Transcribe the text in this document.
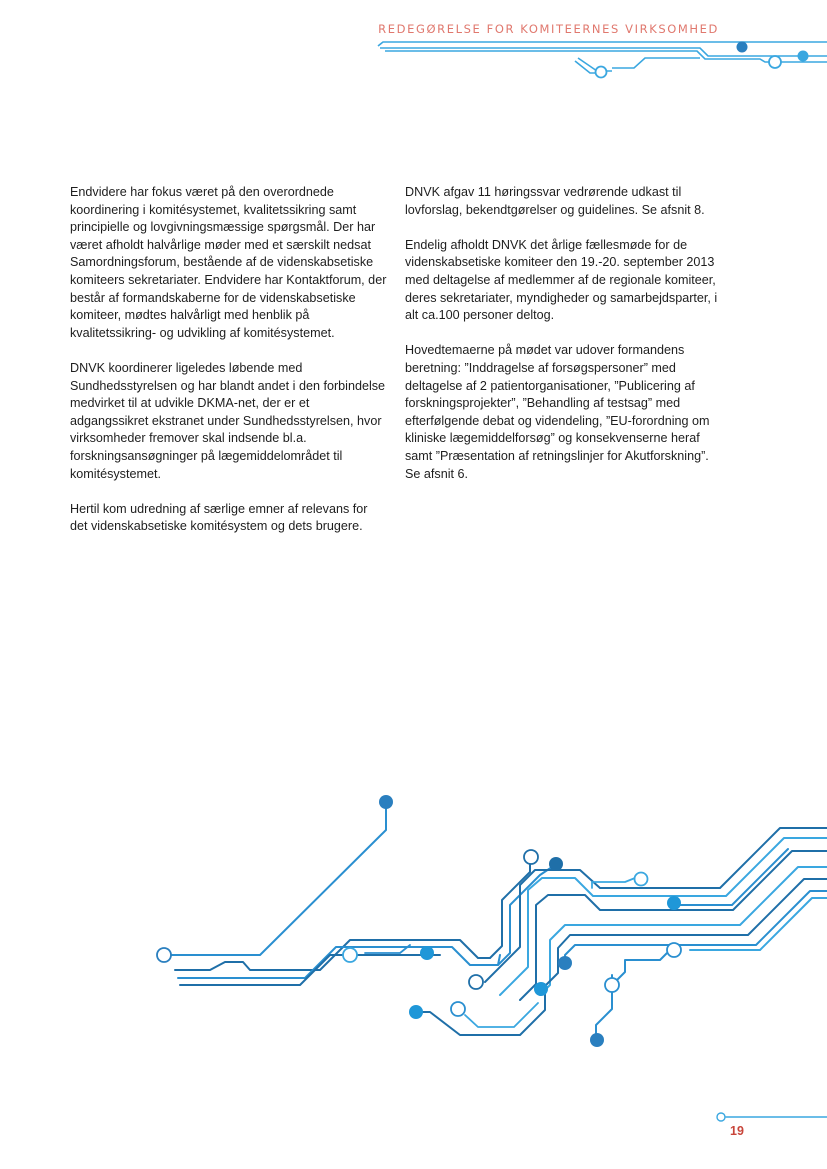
REDEGØRELSE FOR KOMITEERNES VIRKSOMHED

Endvidere har fokus været på den overordnede koordinering i komitésystemet, kvalitetssikring samt principielle og lovgivningsmæssige spørgsmål. Der har været afholdt halvårlige møder med et særskilt nedsat Samordningsforum, bestående af de videnskabsetiske komiteers sekretariater. Endvidere har Kontaktforum, der består af formandskaberne for de videnskabsetiske komiteer, mødtes halvårligt med henblik på kvalitetssikring- og udvikling af komitésystemet.

DNVK koordinerer ligeledes løbende med Sundhedsstyrelsen og har blandt andet i den forbindelse medvirket til at udvikle DKMA-net, der er et adgangssikret ekstranet under Sundhedsstyrelsen, hvor virksomheder fremover skal indsende bl.a. forskningsansøgninger på lægemiddelområdet til komitésystemet.

Hertil kom udredning af særlige emner af relevans for det videnskabsetiske komitésystem og dets brugere.

DNVK afgav 11 høringssvar vedrørende udkast til lovforslag, bekendtgørelser og guidelines. Se afsnit 8.

Endelig afholdt DNVK det årlige fællesmøde for de videnskabsetiske komiteer den 19.-20. september 2013 med deltagelse af medlemmer af de regionale komiteer, deres sekretariater, myndigheder og samarbejdsparter, i alt ca.100 personer deltog.

Hovedtemaerne på mødet var udover formandens beretning: ”Inddragelse af forsøgspersoner” med deltagelse af 2 patientorganisationer, ”Publicering af forskningsprojekter”, ”Behandling af testsag” med efterfølgende debat og videndeling, ”EU-forordning om kliniske lægemiddelforsøg” og konsekvenserne heraf samt ”Præsentation af retningslinjer for Akutforskning”. Se afsnit 6.

19
